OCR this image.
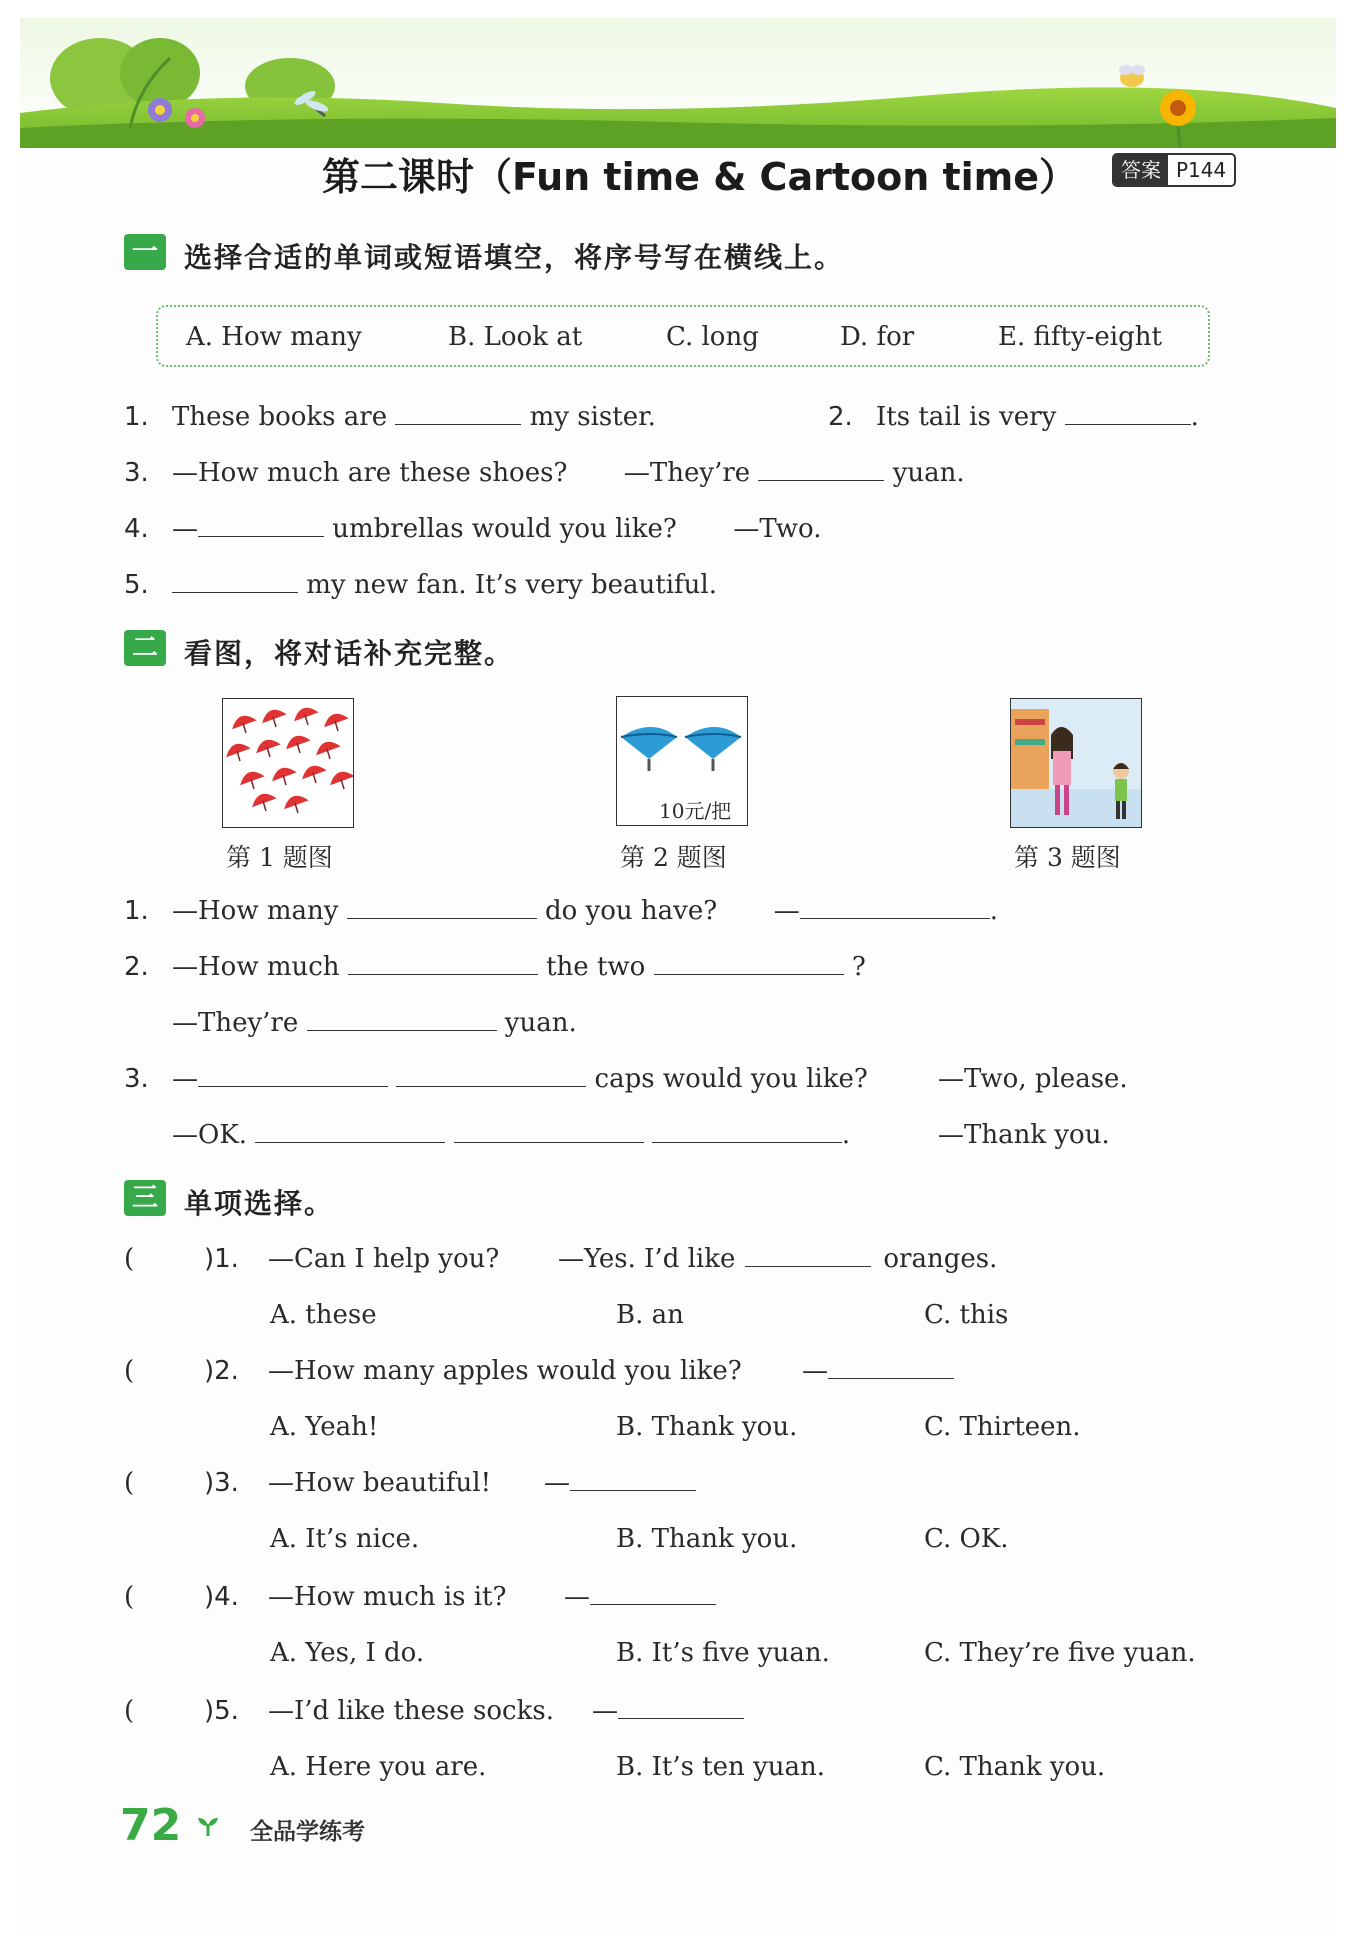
第二课时（Fun time & Cartoon time）	答案 P144
一 选择合适的单词或短语填空，将序号写在横线上。
A. How many	B. Look at	C. long	D. for	E. fifty-eight
1. These books are	my sister.	2. Its tail is very	.
3. —How much are these shoes? —They’re	yuan.
4. —	umbrellas would you like? —Two.
5.	my new fan. It’s very beautiful.
二 看图，将对话补充完整。
第 1 题图
10元/把
第 2 题图	第 3 题图
1. —How many	do you have? —	.
2. —How much	the two	?
—They’re	yuan.
3. —	caps would you like?	—Two, please.
—OK.	.	—Thank you.
三 单项选择。
(	)1. —Can I help you? —Yes. I’d like	oranges.
A. these	B. an	C. this
(	)2. —How many apples would you like? —
A. Yeah!	B. Thank you.	C. Thirteen.
(	)3. —How beautiful! —
A. It’s nice.	B. Thank you.	C. OK.
(	)4. —How much is it? —
A. Yes, I do.	B. It’s five yuan.	C. They’re five yuan.
(	)5. —I’d like these socks. —
A. Here you are.	B. It’s ten yuan.	C. Thank you.
72	全品学练考
